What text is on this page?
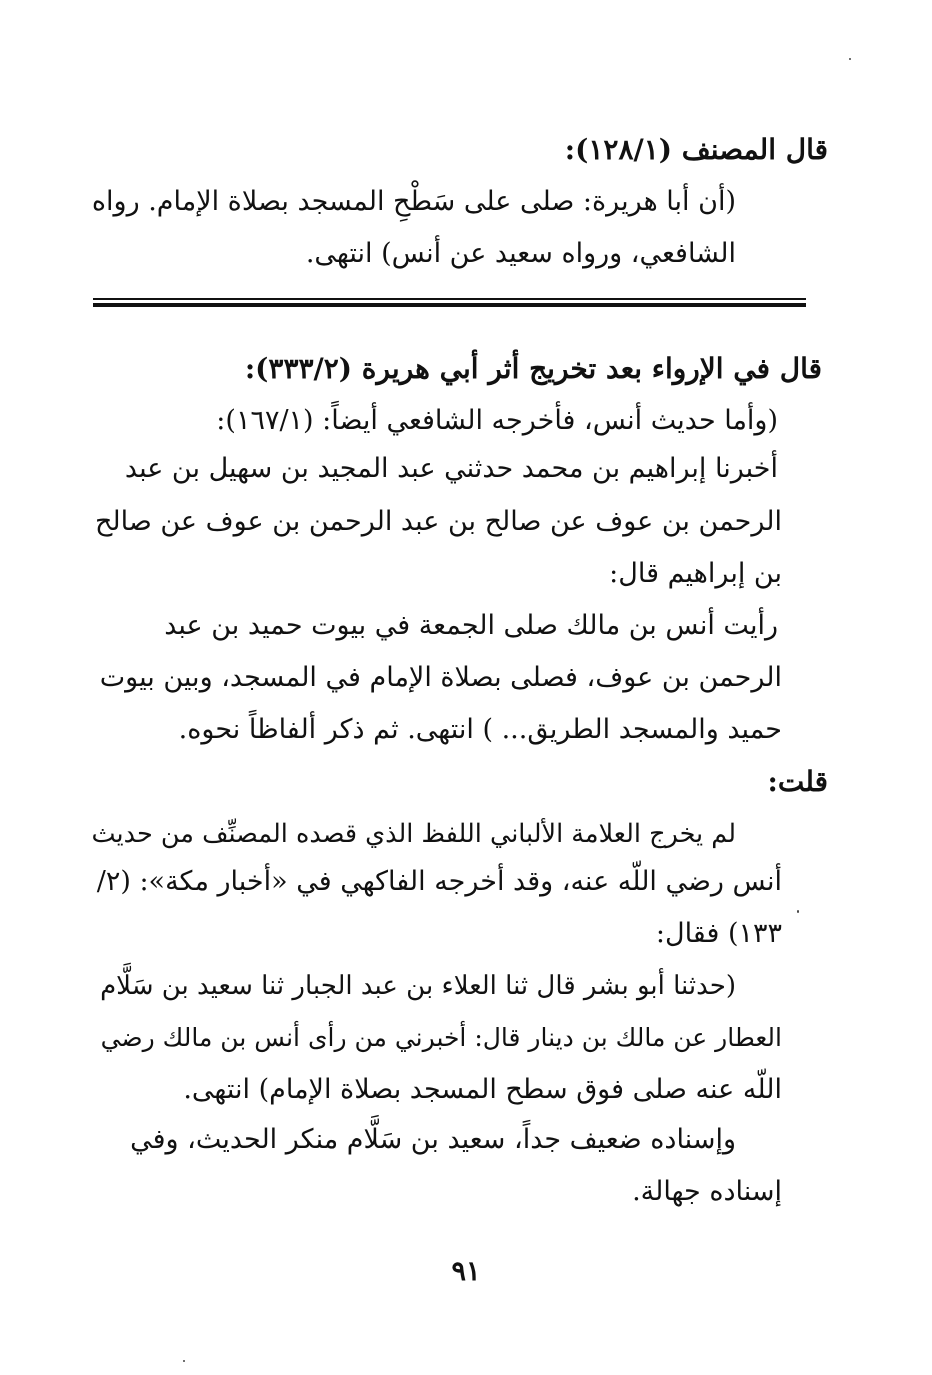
قال المصنف (١٢٨/١):
(أن أبا هريرة: صلى على سَطْحِ المسجد بصلاة الإمام. رواه
الشافعي، ورواه سعيد عن أنس) انتهى.
قال في الإرواء بعد تخريج أثر أبي هريرة (٣٣٣/٢):
(وأما حديث أنس، فأخرجه الشافعي أيضاً: (١٦٧/١):
أخبرنا إبراهيم بن محمد حدثني عبد المجيد بن سهيل بن عبد
الرحمن بن عوف عن صالح بن عبد الرحمن بن عوف عن صالح
بن إبراهيم قال:
رأيت أنس بن مالك صلى الجمعة في بيوت حميد بن عبد
الرحمن بن عوف، فصلى بصلاة الإمام في المسجد، وبين بيوت
حميد والمسجد الطريق... ) انتهى. ثم ذكر ألفاظاً نحوه.
قلت:
لم يخرج العلامة الألباني اللفظ الذي قصده المصنِّف من حديث
أنس رضي اللّه عنه، وقد أخرجه الفاكهي في «أخبار مكة»: (٢/
١٣٣) فقال:
(حدثنا أبو بشر قال ثنا العلاء بن عبد الجبار ثنا سعيد بن سَلَّام
العطار عن مالك بن دينار قال: أخبرني من رأى أنس بن مالك رضي
اللّه عنه صلى فوق سطح المسجد بصلاة الإمام) انتهى.
وإسناده ضعيف جداً، سعيد بن سَلَّام منكر الحديث، وفي
إسناده جهالة.
٩١
